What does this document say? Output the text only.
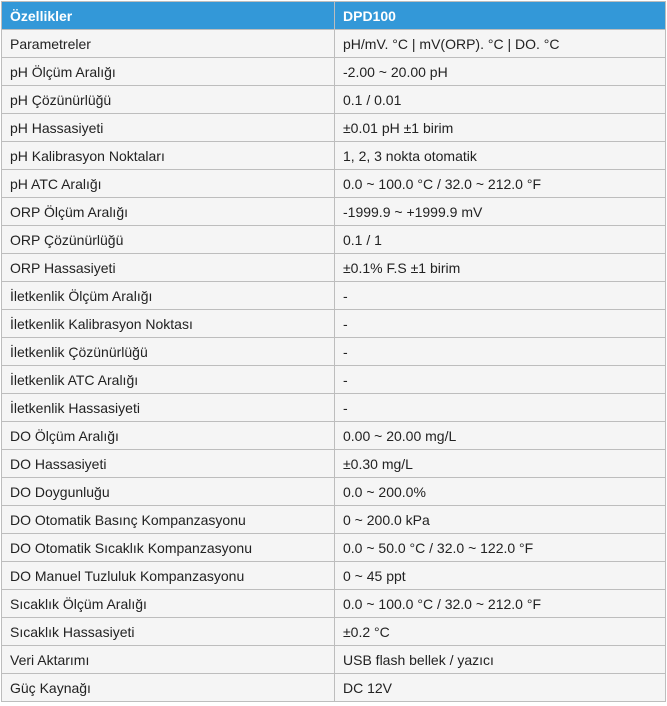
Özellikler	DPD100
Parametreler	pH/mV. °C | mV(ORP). °C | DO. °C
pH Ölçüm Aralığı	-2.00 ~ 20.00 pH
pH Çözünürlüğü	0.1 / 0.01
pH Hassasiyeti	±0.01 pH ±1 birim
pH Kalibrasyon Noktaları	1, 2, 3 nokta otomatik
pH ATC Aralığı	0.0 ~ 100.0 °C / 32.0 ~ 212.0 °F
ORP Ölçüm Aralığı	-1999.9 ~ +1999.9 mV
ORP Çözünürlüğü	0.1 / 1
ORP Hassasiyeti	±0.1% F.S ±1 birim
İletkenlik Ölçüm Aralığı	-
İletkenlik Kalibrasyon Noktası	-
İletkenlik Çözünürlüğü	-
İletkenlik ATC Aralığı	-
İletkenlik Hassasiyeti	-
DO Ölçüm Aralığı	0.00 ~ 20.00 mg/L
DO Hassasiyeti	±0.30 mg/L
DO Doygunluğu	0.0 ~ 200.0%
DO Otomatik Basınç Kompanzasyonu	0 ~ 200.0 kPa
DO Otomatik Sıcaklık Kompanzasyonu	0.0 ~ 50.0 °C / 32.0 ~ 122.0 °F
DO Manuel Tuzluluk Kompanzasyonu	0 ~ 45 ppt
Sıcaklık Ölçüm Aralığı	0.0 ~ 100.0 °C / 32.0 ~ 212.0 °F
Sıcaklık Hassasiyeti	±0.2 °C
Veri Aktarımı	USB flash bellek / yazıcı
Güç Kaynağı	DC 12V
